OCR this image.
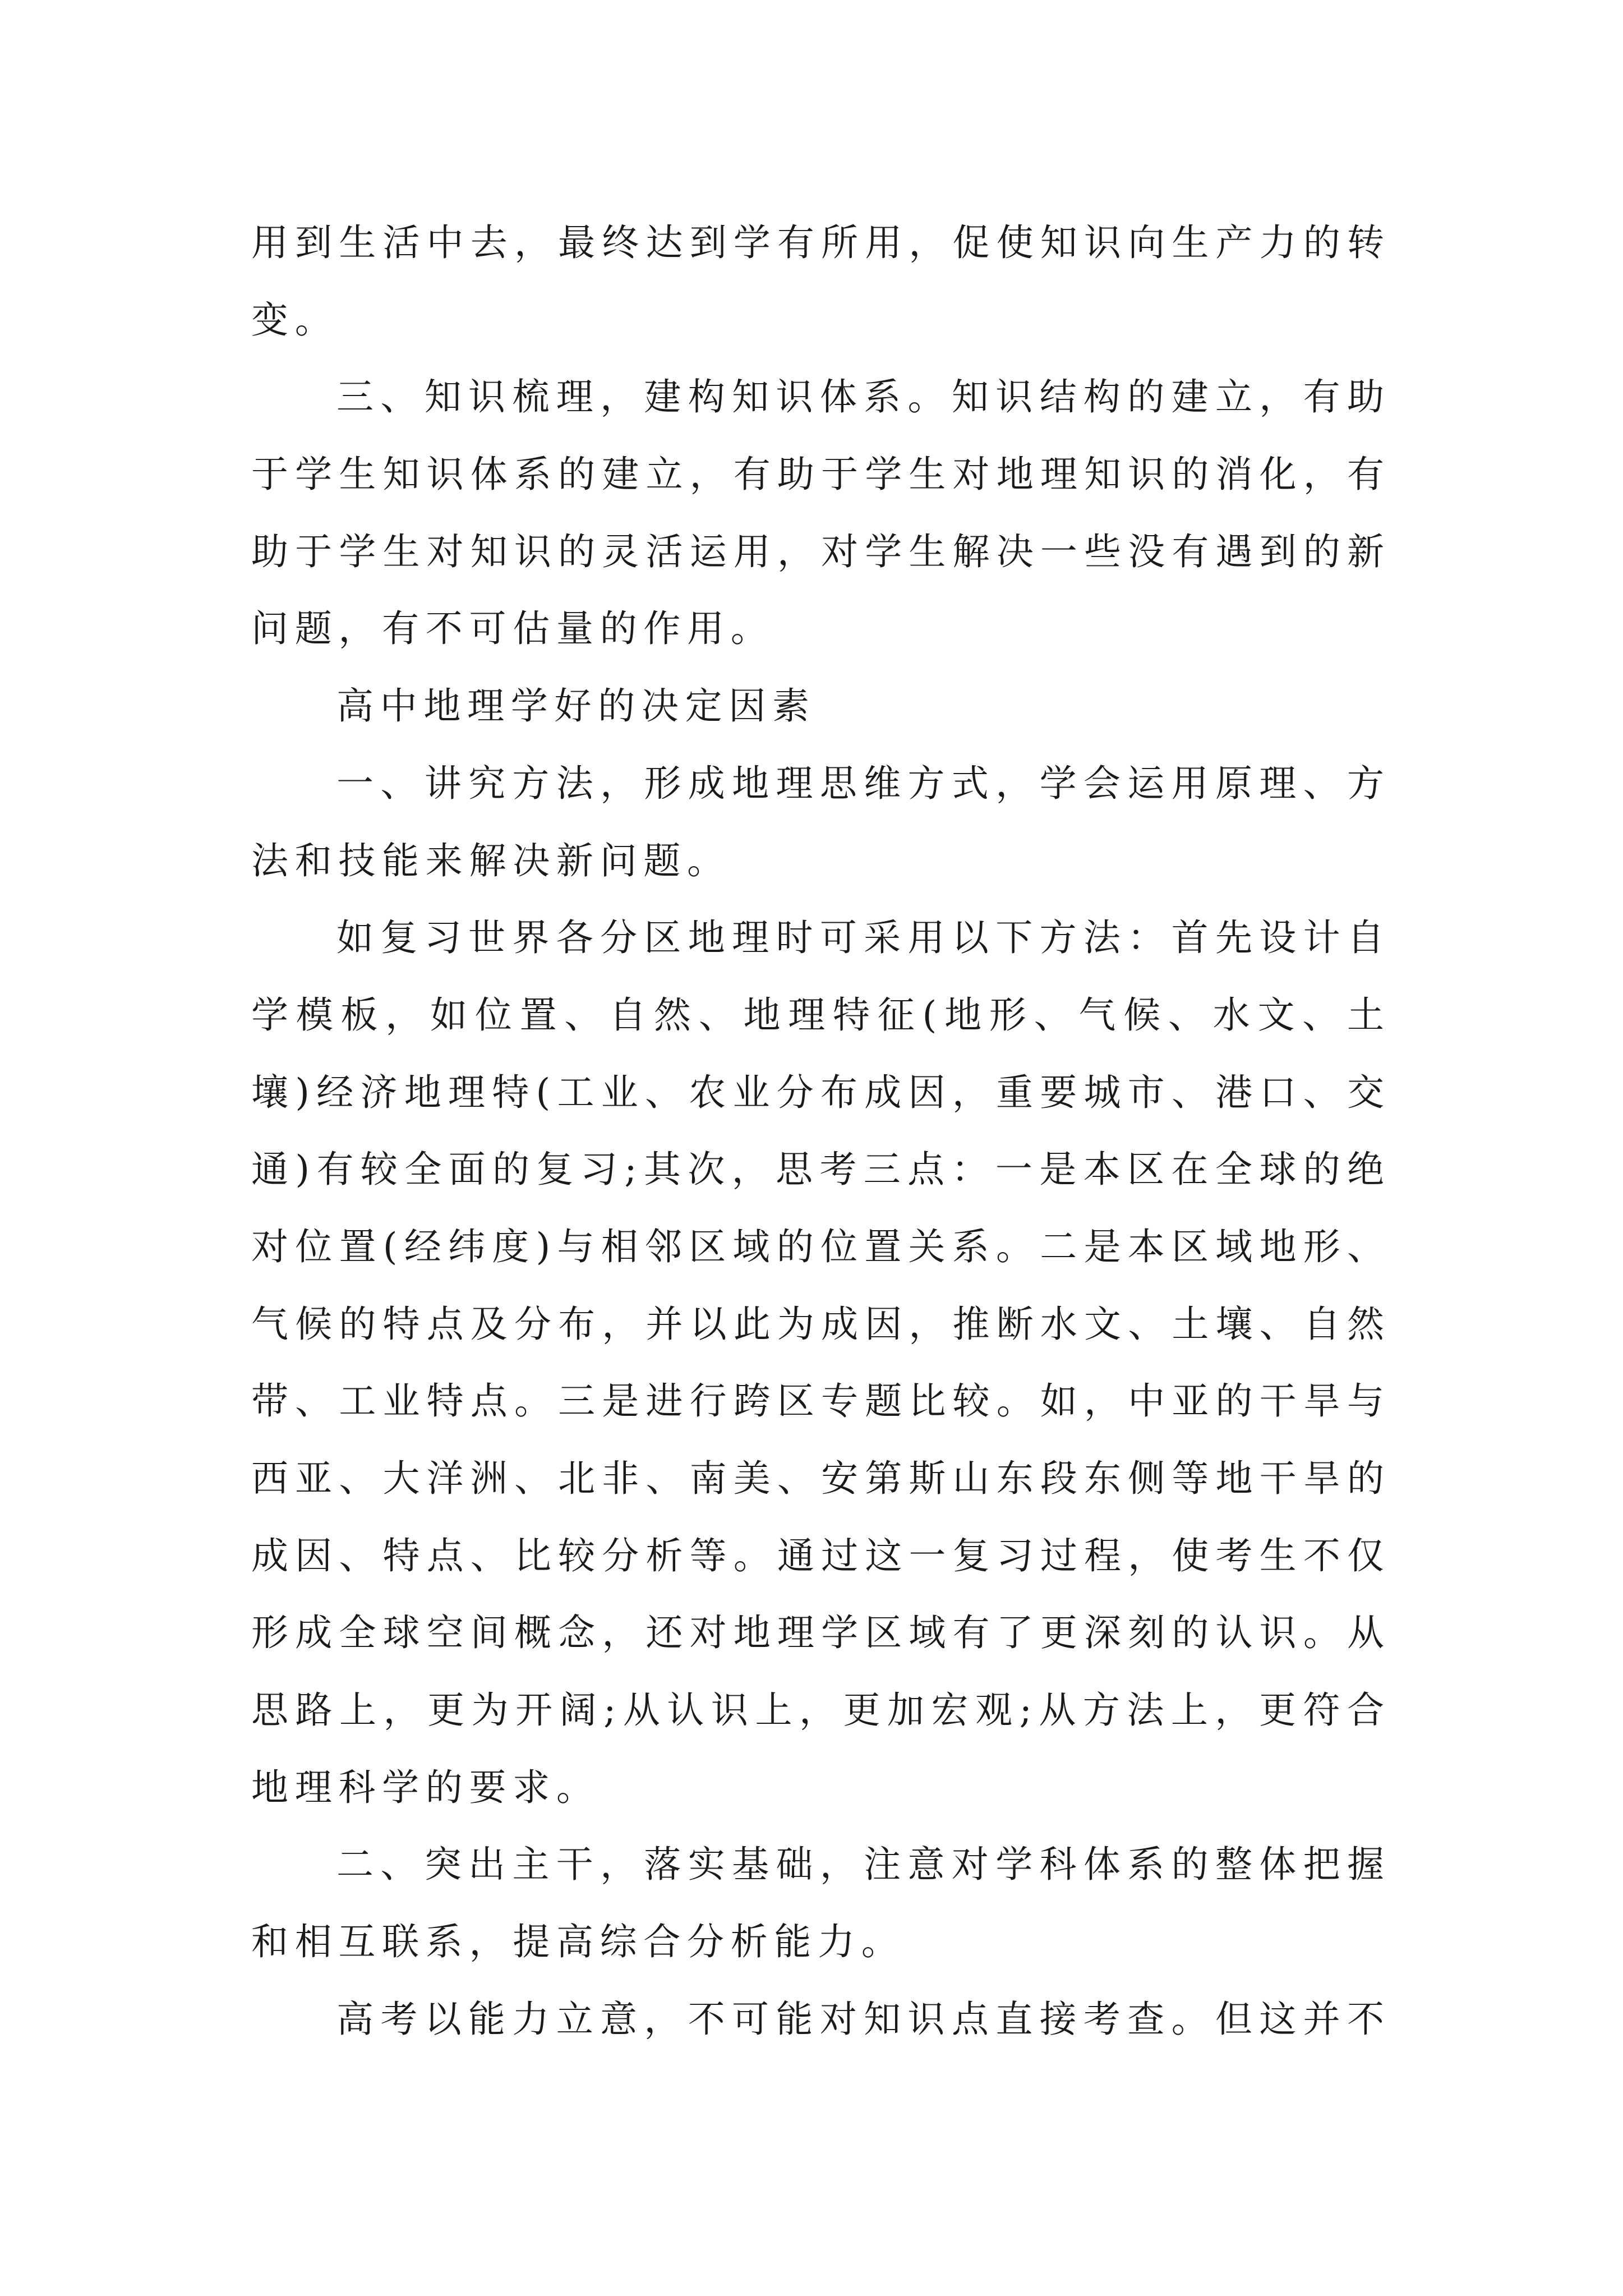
用到生活中去，最终达到学有所用，促使知识向生产力的转
变。
三、知识梳理，建构知识体系。知识结构的建立，有助
于学生知识体系的建立，有助于学生对地理知识的消化，有
助于学生对知识的灵活运用，对学生解决一些没有遇到的新
问题，有不可估量的作用。
高中地理学好的决定因素
一、讲究方法，形成地理思维方式，学会运用原理、方
法和技能来解决新问题。
如复习世界各分区地理时可采用以下方法：首先设计自
学模板，如位置、自然、地理特征(地形、气候、水文、土
壤)经济地理特(工业、农业分布成因，重要城市、港口、交
通)有较全面的复习;其次，思考三点：一是本区在全球的绝
对位置(经纬度)与相邻区域的位置关系。二是本区域地形、
气候的特点及分布，并以此为成因，推断水文、土壤、自然
带、工业特点。三是进行跨区专题比较。如，中亚的干旱与
西亚、大洋洲、北非、南美、安第斯山东段东侧等地干旱的
成因、特点、比较分析等。通过这一复习过程，使考生不仅
形成全球空间概念，还对地理学区域有了更深刻的认识。从
思路上，更为开阔;从认识上，更加宏观;从方法上，更符合
地理科学的要求。
二、突出主干，落实基础，注意对学科体系的整体把握
和相互联系，提高综合分析能力。
高考以能力立意，不可能对知识点直接考查。但这并不
